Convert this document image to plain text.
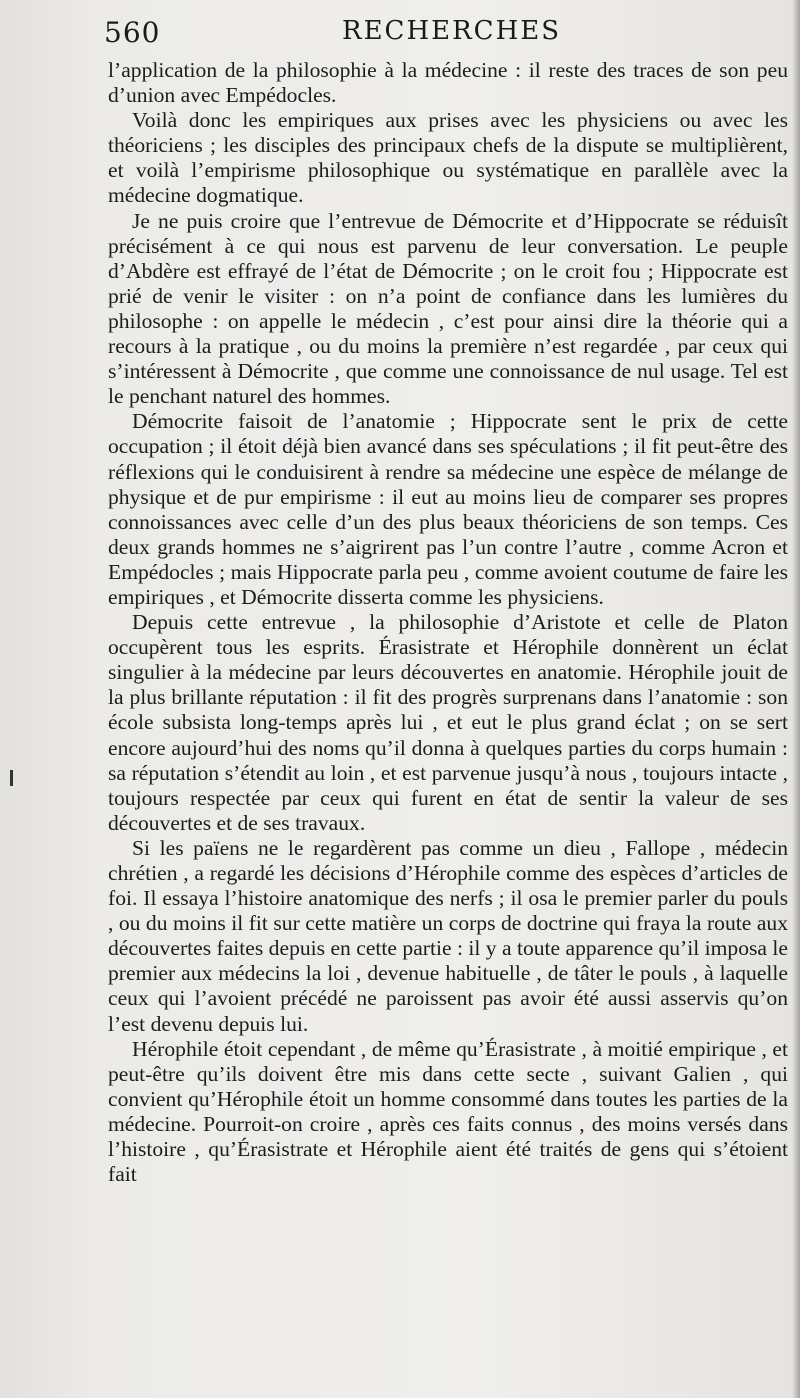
560	RECHERCHES

l’application de la philosophie à la médecine : il reste des traces de son peu d’union avec Empédocles.

Voilà donc les empiriques aux prises avec les physiciens ou avec les théoriciens ; les disciples des principaux chefs de la dispute se multiplièrent, et voilà l’empirisme philosophique ou systématique en parallèle avec la médecine dogmatique.

Je ne puis croire que l’entrevue de Démocrite et d’Hippocrate se réduisît précisément à ce qui nous est parvenu de leur conversation. Le peuple d’Abdère est effrayé de l’état de Démocrite ; on le croit fou ; Hippocrate est prié de venir le visiter : on n’a point de confiance dans les lumières du philosophe : on appelle le médecin , c’est pour ainsi dire la théorie qui a recours à la pratique , ou du moins la première n’est regardée , par ceux qui s’intéressent à Démocrite , que comme une connoissance de nul usage. Tel est le penchant naturel des hommes.

Démocrite faisoit de l’anatomie ; Hippocrate sent le prix de cette occupation ; il étoit déjà bien avancé dans ses spéculations ; il fit peut-être des réflexions qui le conduisirent à rendre sa médecine une espèce de mélange de physique et de pur empirisme : il eut au moins lieu de comparer ses propres connoissances avec celle d’un des plus beaux théoriciens de son temps. Ces deux grands hommes ne s’aigrirent pas l’un contre l’autre , comme Acron et Empédocles ; mais Hippocrate parla peu , comme avoient coutume de faire les empiriques , et Démocrite disserta comme les physiciens.

Depuis cette entrevue , la philosophie d’Aristote et celle de Platon occupèrent tous les esprits. Érasistrate et Hérophile donnèrent un éclat singulier à la médecine par leurs découvertes en anatomie. Hérophile jouit de la plus brillante réputation : il fit des progrès surprenans dans l’anatomie : son école subsista long-temps après lui , et eut le plus grand éclat ; on se sert encore aujourd’hui des noms qu’il donna à quelques parties du corps humain : sa réputation s’étendit au loin , et est parvenue jusqu’à nous , toujours intacte , toujours respectée par ceux qui furent en état de sentir la valeur de ses découvertes et de ses travaux.

Si les païens ne le regardèrent pas comme un dieu , Fallope , médecin chrétien , a regardé les décisions d’Hérophile comme des espèces d’articles de foi. Il essaya l’histoire anatomique des nerfs ; il osa le premier parler du pouls , ou du moins il fit sur cette matière un corps de doctrine qui fraya la route aux découvertes faites depuis en cette partie : il y a toute apparence qu’il imposa le premier aux médecins la loi , devenue habituelle , de tâter le pouls , à laquelle ceux qui l’avoient précédé ne paroissent pas avoir été aussi asservis qu’on l’est devenu depuis lui.

Hérophile étoit cependant , de même qu’Érasistrate , à moitié empirique , et peut-être qu’ils doivent être mis dans cette secte , suivant Galien , qui convient qu’Hérophile étoit un homme consommé dans toutes les parties de la médecine. Pourroit-on croire , après ces faits connus , des moins versés dans l’histoire , qu’Érasistrate et Hérophile aient été traités de gens qui s’étoient fait
